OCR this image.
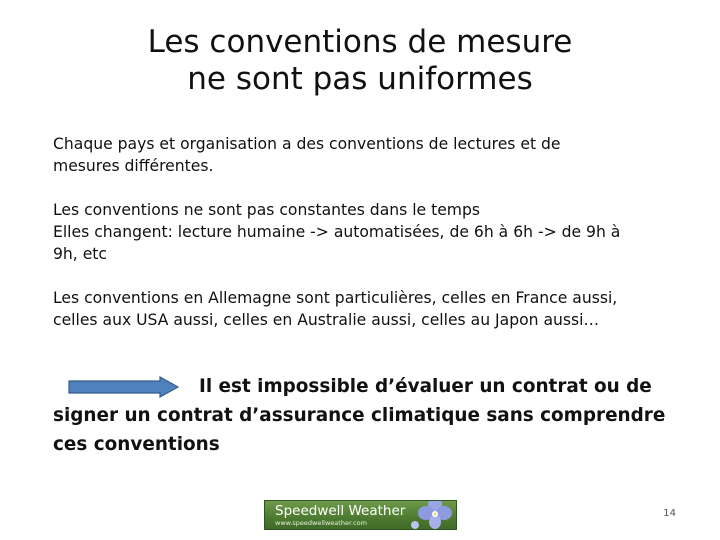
Les conventions de mesure
ne sont pas uniformes
Chaque pays et organisation a des conventions de lectures et de
mesures différentes.
Les conventions ne sont pas constantes dans le temps
Elles changent: lecture humaine -> automatisées, de 6h à 6h -> de 9h à
9h, etc
Les conventions en Allemagne sont particulières, celles en France aussi,
celles aux USA aussi, celles en Australie aussi, celles au Japon aussi…
Il est impossible d’évaluer un contrat ou de
signer un contrat d’assurance climatique sans comprendre
ces conventions
Speedwell Weather
www.speedwellweather.com
14
